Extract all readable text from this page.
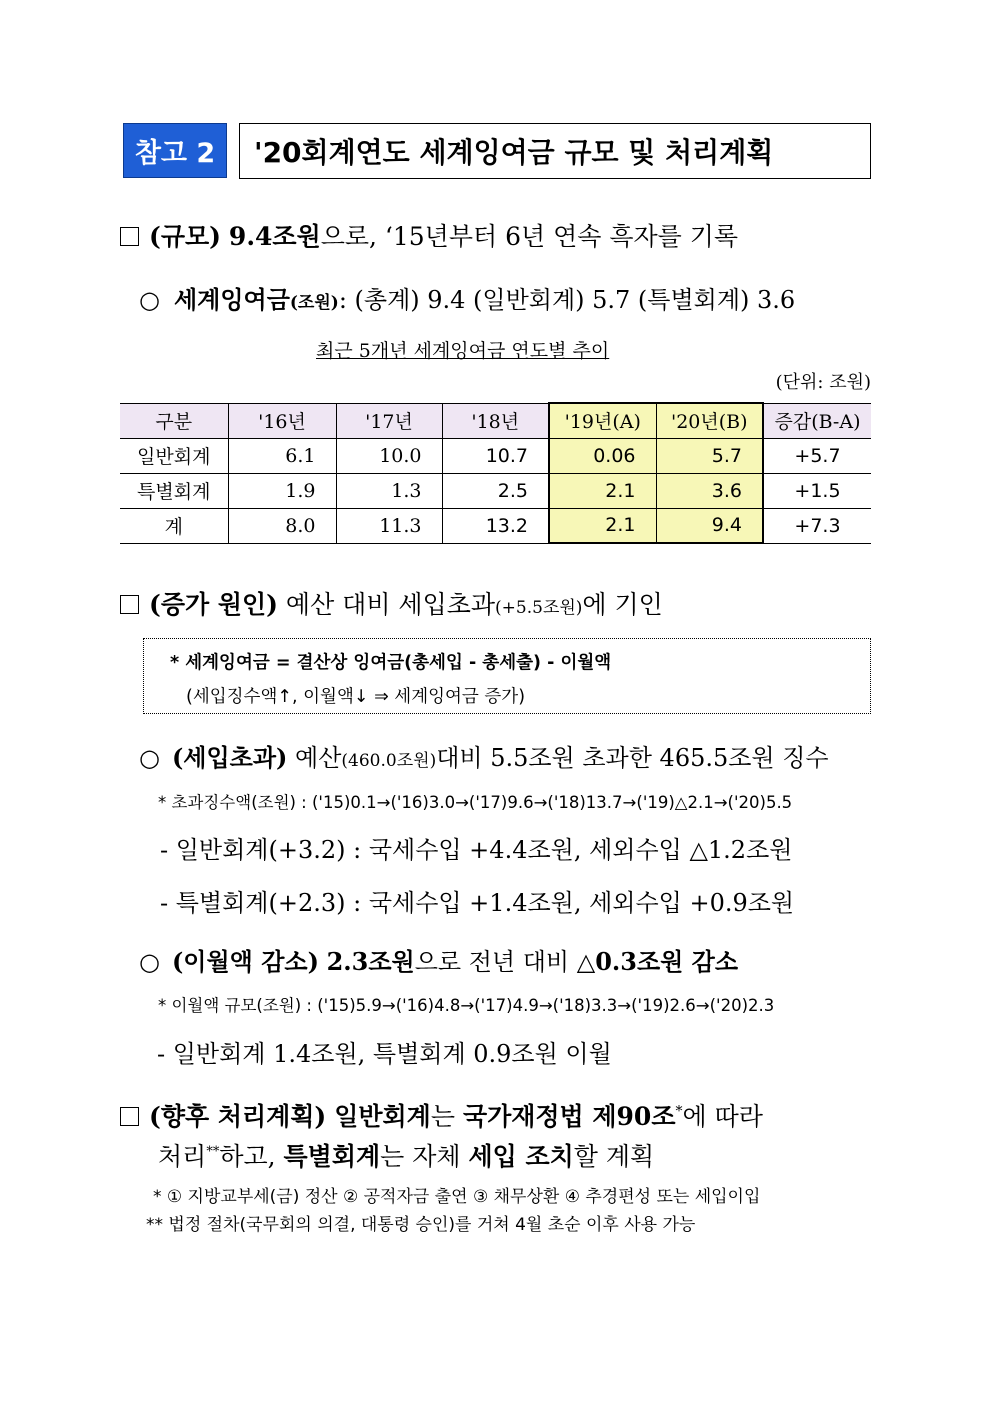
참고 2	'20회계연도 세계잉여금 규모 및 처리계획
(규모) 9.4조원으로, ‘15년부터 6년 연속 흑자를 기록
○ 세계잉여금(조원): (총계) 9.4 (일반회계) 5.7 (특별회계) 3.6
최근 5개년 세계잉여금 연도별 추이
(단위: 조원)
구분	'16년	'17년	'18년	'19년(A)	'20년(B)	증감(B-A)
일반회계	6.1	10.0	10.7	0.06	5.7	+5.7
특별회계	1.9	1.3	2.5	2.1	3.6	+1.5
계	8.0	11.3	13.2	2.1	9.4	+7.3
(증가 원인) 예산 대비 세입초과(+5.5조원)에 기인
* 세계잉여금 = 결산상 잉여금(총세입 - 총세출) - 이월액
(세입징수액↑, 이월액↓ ⇒ 세계잉여금 증가)
○ (세입초과) 예산(460.0조원)대비 5.5조원 초과한 465.5조원 징수
* 초과징수액(조원) : ('15)0.1→('16)3.0→('17)9.6→('18)13.7→('19)△2.1→('20)5.5
- 일반회계(+3.2) : 국세수입 +4.4조원, 세외수입 △1.2조원
- 특별회계(+2.3) : 국세수입 +1.4조원, 세외수입 +0.9조원
○ (이월액 감소) 2.3조원으로 전년 대비 △0.3조원 감소
* 이월액 규모(조원) : ('15)5.9→('16)4.8→('17)4.9→('18)3.3→('19)2.6→('20)2.3
- 일반회계 1.4조원, 특별회계 0.9조원 이월
(향후 처리계획) 일반회계는 국가재정법 제90조*에 따라
처리**하고, 특별회계는 자체 세입 조치할 계획
* ① 지방교부세(금) 정산 ② 공적자금 출연 ③ 채무상환 ④ 추경편성 또는 세입이입
** 법정 절차(국무회의 의결, 대통령 승인)를 거쳐 4월 초순 이후 사용 가능
